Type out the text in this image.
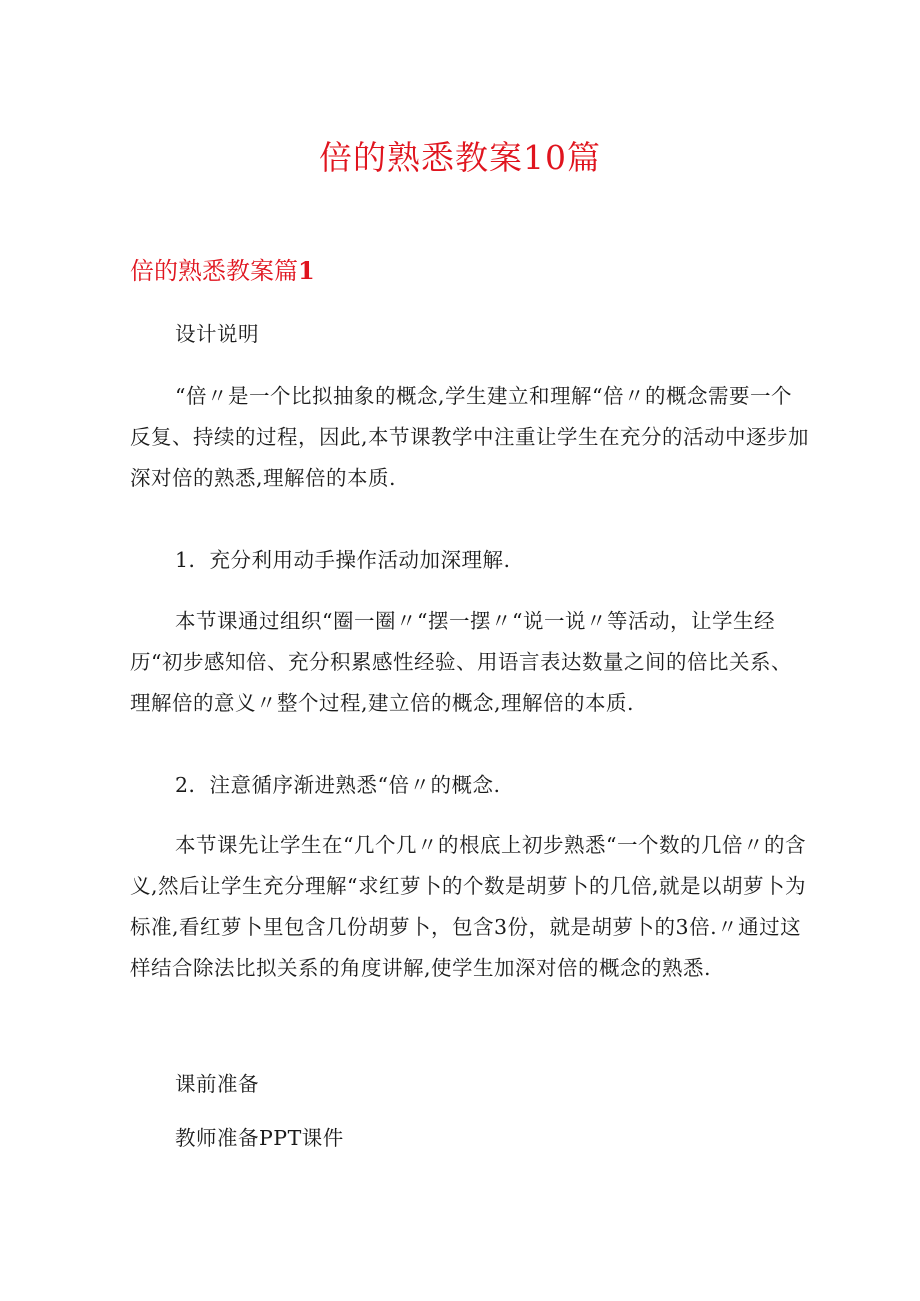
倍的熟悉教案10篇
倍的熟悉教案篇1

设计说明

“倍〃是一个比拟抽象的概念,学生建立和理解“倍〃的概念需要一个反复、持续的过程，因此,本节课教学中注重让学生在充分的活动中逐步加深对倍的熟悉,理解倍的本质.

1．充分利用动手操作活动加深理解.

本节课通过组织“圈一圈〃“摆一摆〃“说一说〃等活动，让学生经历“初步感知倍、充分积累感性经验、用语言表达数量之间的倍比关系、理解倍的意义〃整个过程,建立倍的概念,理解倍的本质.

2．注意循序渐进熟悉“倍〃的概念.

本节课先让学生在“几个几〃的根底上初步熟悉“一个数的几倍〃的含义,然后让学生充分理解“求红萝卜的个数是胡萝卜的几倍,就是以胡萝卜为标准,看红萝卜里包含几份胡萝卜，包含3份，就是胡萝卜的3倍.〃通过这样结合除法比拟关系的角度讲解,使学生加深对倍的概念的熟悉.

课前准备

教师准备PPT课件
